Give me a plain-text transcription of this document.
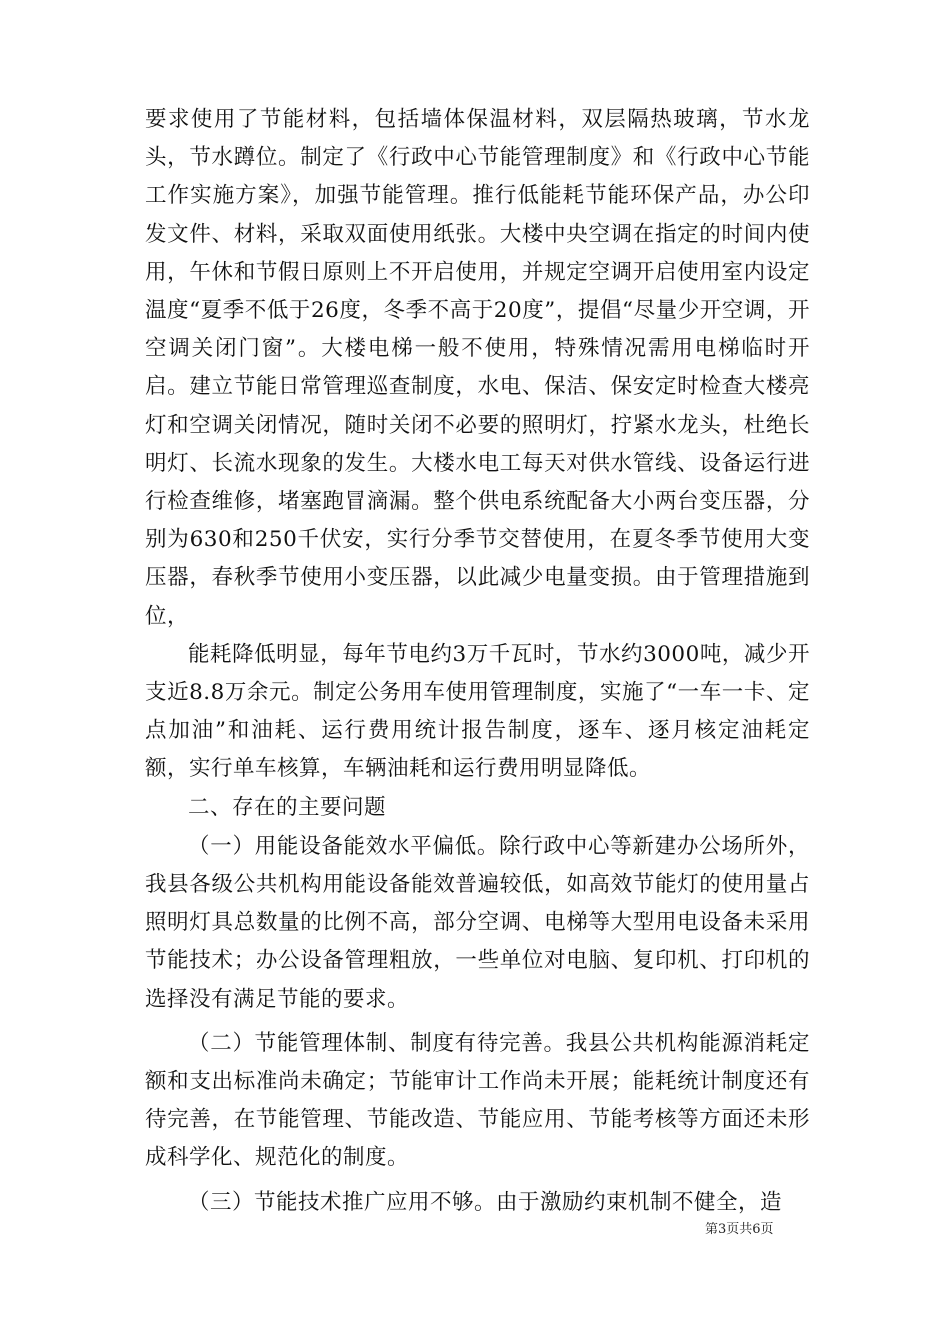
要求使用了节能材料，包括墙体保温材料，双层隔热玻璃，节水龙头，节水蹲位。制定了《行政中心节能管理制度》和《行政中心节能工作实施方案》，加强节能管理。推行低能耗节能环保产品，办公印发文件、材料，采取双面使用纸张。大楼中央空调在指定的时间内使用，午休和节假日原则上不开启使用，并规定空调开启使用室内设定温度“夏季不低于26度，冬季不高于20度”，提倡“尽量少开空调，开空调关闭门窗”。大楼电梯一般不使用，特殊情况需用电梯临时开启。建立节能日常管理巡查制度，水电、保洁、保安定时检查大楼亮灯和空调关闭情况，随时关闭不必要的照明灯，拧紧水龙头，杜绝长明灯、长流水现象的发生。大楼水电工每天对供水管线、设备运行进行检查维修，堵塞跑冒滴漏。整个供电系统配备大小两台变压器，分别为630和250千伏安，实行分季节交替使用，在夏冬季节使用大变压器，春秋季节使用小变压器，以此减少电量变损。由于管理措施到位，

能耗降低明显，每年节电约3万千瓦时，节水约3000吨，减少开支近8.8万余元。制定公务用车使用管理制度，实施了“一车一卡、定点加油”和油耗、运行费用统计报告制度，逐车、逐月核定油耗定额，实行单车核算，车辆油耗和运行费用明显降低。

二、存在的主要问题

（一）用能设备能效水平偏低。除行政中心等新建办公场所外，我县各级公共机构用能设备能效普遍较低，如高效节能灯的使用量占照明灯具总数量的比例不高，部分空调、电梯等大型用电设备未采用节能技术；办公设备管理粗放，一些单位对电脑、复印机、打印机的选择没有满足节能的要求。

（二）节能管理体制、制度有待完善。我县公共机构能源消耗定额和支出标准尚未确定；节能审计工作尚未开展；能耗统计制度还有待完善，在节能管理、节能改造、节能应用、节能考核等方面还未形成科学化、规范化的制度。

（三）节能技术推广应用不够。由于激励约束机制不健全，造

第3页共6页
